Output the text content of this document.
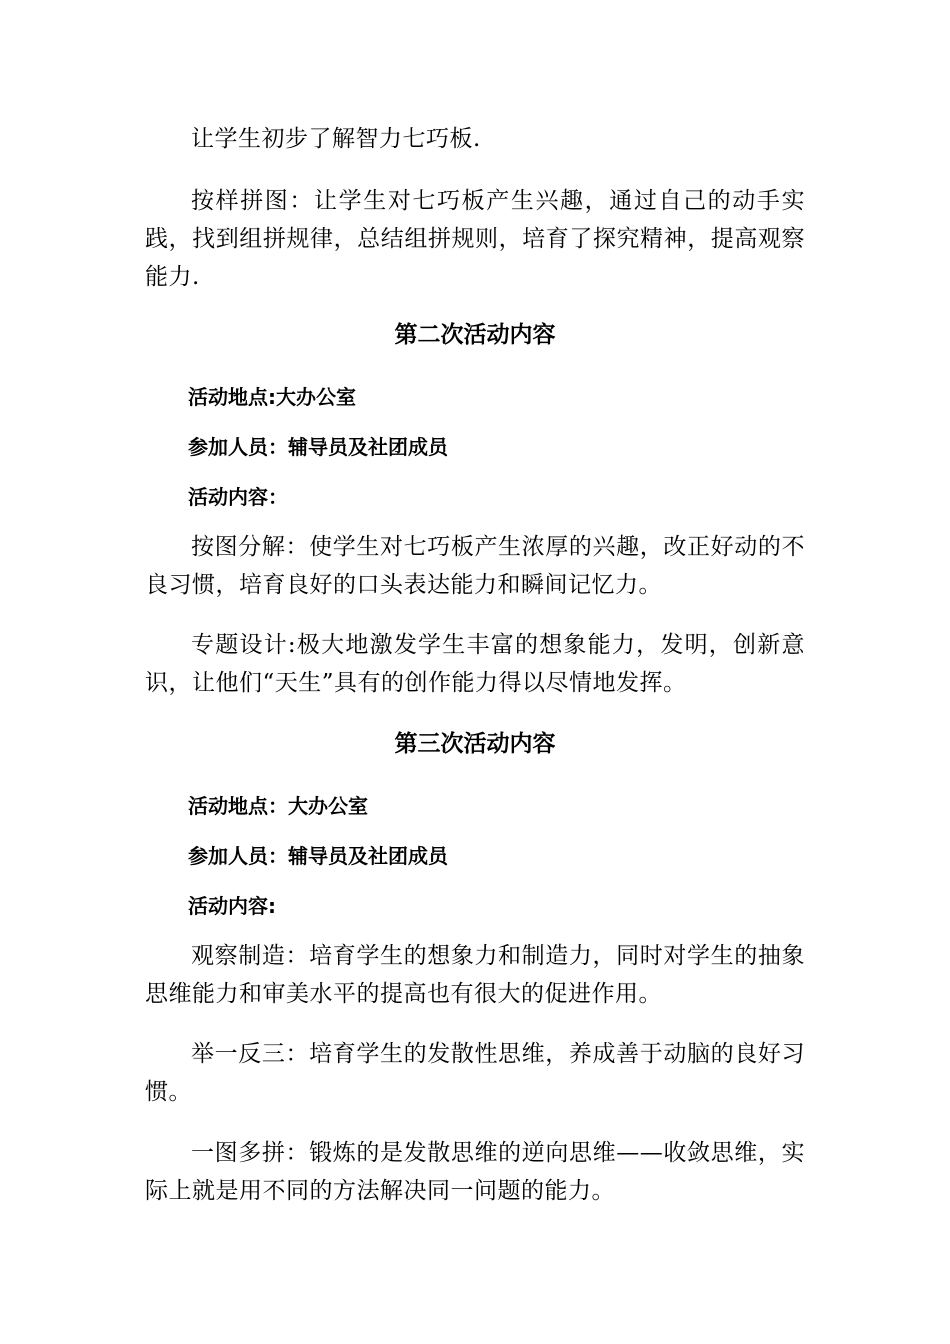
让学生初步了解智力七巧板.

按样拼图：让学生对七巧板产生兴趣，通过自己的动手实践，找到组拼规律，总结组拼规则，培育了探究精神，提高观察能力.

第二次活动内容
活动地点:大办公室
参加人员：辅导员及社团成员
活动内容：

按图分解：使学生对七巧板产生浓厚的兴趣，改正好动的不良习惯，培育良好的口头表达能力和瞬间记忆力。

专题设计:极大地激发学生丰富的想象能力，发明，创新意识，让他们“天生”具有的创作能力得以尽情地发挥。

第三次活动内容
活动地点：大办公室
参加人员：辅导员及社团成员
活动内容:

观察制造：培育学生的想象力和制造力，同时对学生的抽象思维能力和审美水平的提高也有很大的促进作用。

举一反三：培育学生的发散性思维，养成善于动脑的良好习惯。

一图多拼：锻炼的是发散思维的逆向思维——收敛思维，实际上就是用不同的方法解决同一问题的能力。
